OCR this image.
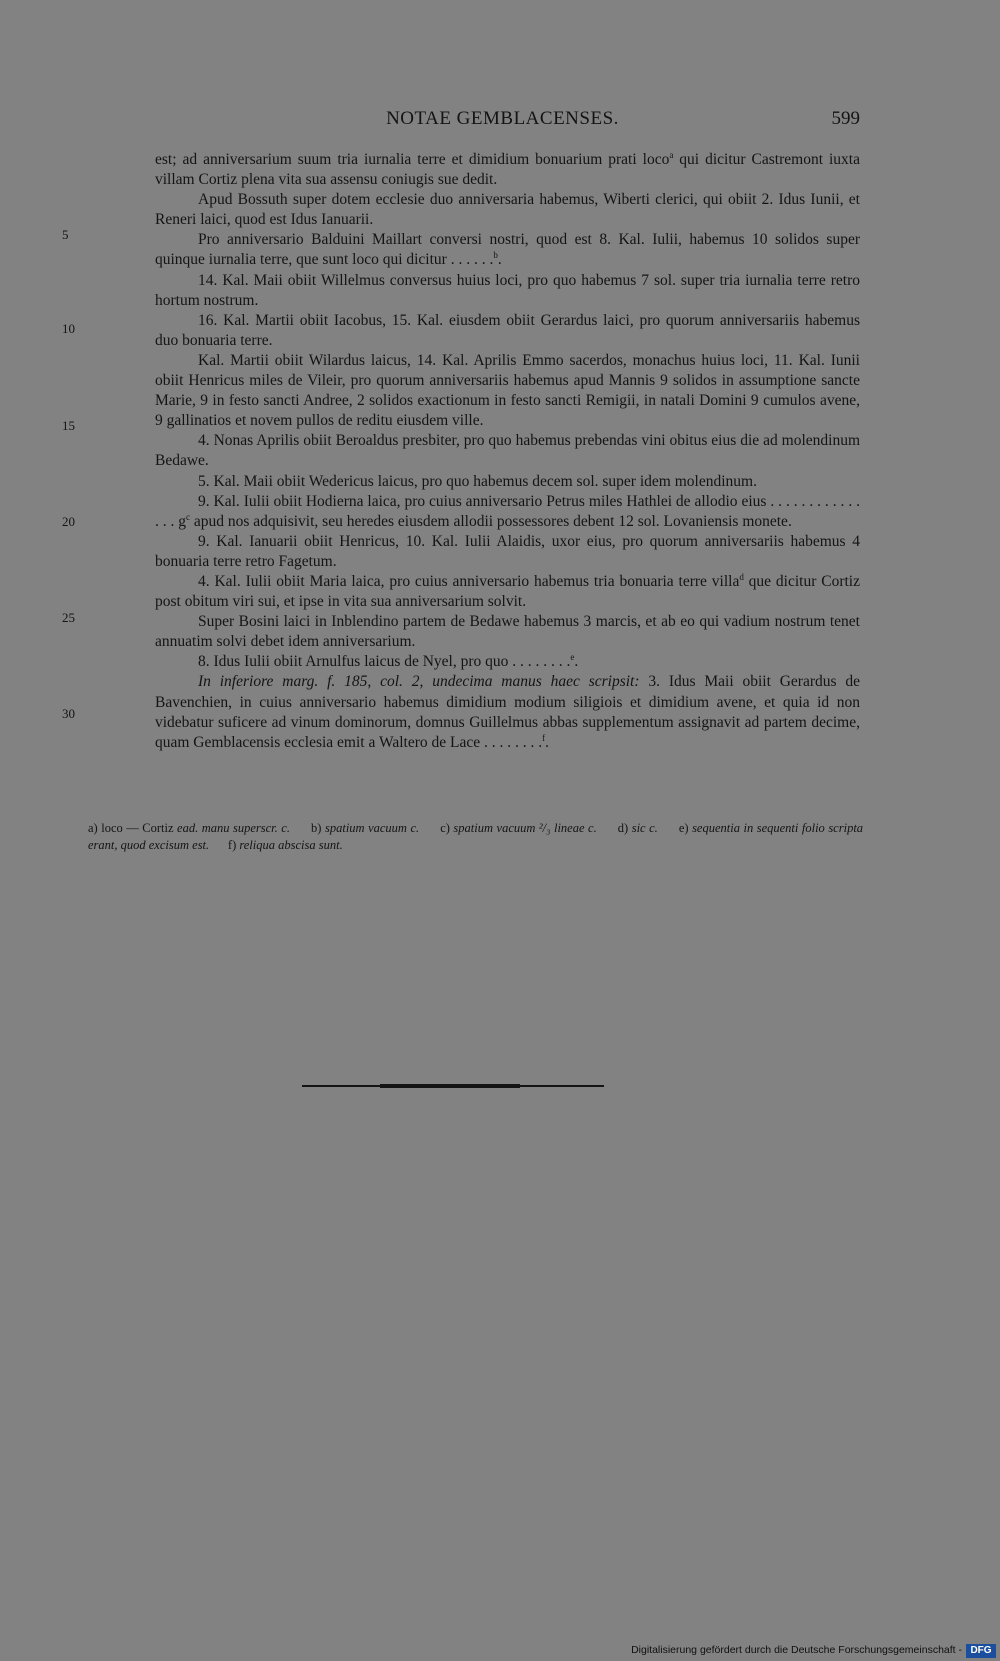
NOTAE GEMBLACENSES.	599
5
10
15
20
25
30

est; ad anniversarium suum tria iurnalia terre et dimidium bonuarium prati loco$^a$ qui dicitur Castremont iuxta villam Cortiz plena vita sua assensu coniugis sue dedit.

Apud Bossuth super dotem ecclesie duo anniversaria habemus, Wiberti clerici, qui obiit 2. Idus Iunii, et Reneri laici, quod est Idus Ianuarii.

Pro anniversario Balduini Maillart conversi nostri, quod est 8. Kal. Iulii, habemus 10 solidos super quinque iurnalia terre, que sunt loco qui dicitur . . . . . .$^b$.

14. Kal. Maii obiit Willelmus conversus huius loci, pro quo habemus 7 sol. super tria iurnalia terre retro hortum nostrum.

16. Kal. Martii obiit Iacobus, 15. Kal. eiusdem obiit Gerardus laici, pro quorum anniversariis habemus duo bonuaria terre.

Kal. Martii obiit Wilardus laicus, 14. Kal. Aprilis Emmo sacerdos, monachus huius loci, 11. Kal. Iunii obiit Henricus miles de Vileir, pro quorum anniversariis habemus apud Mannis 9 solidos in assumptione sancte Marie, 9 in festo sancti Andree, 2 solidos exactionum in festo sancti Remigii, in natali Domini 9 cumulos avene, 9 gallinatios et novem pullos de reditu eiusdem ville.

4. Nonas Aprilis obiit Beroaldus presbiter, pro quo habemus prebendas vini obitus eius die ad molendinum Bedawe.

5. Kal. Maii obiit Wedericus laicus, pro quo habemus decem sol. super idem molendinum.

9. Kal. Iulii obiit Hodierna laica, pro cuius anniversario Petrus miles Hathlei de allodio eius . . . . . . . . . . . . . . . $g^c$ apud nos adquisivit, seu heredes eiusdem allodii possessores debent 12 sol. Lovaniensis monete.

9. Kal. Ianuarii obiit Henricus, 10. Kal. Iulii Alaidis, uxor eius, pro quorum anniversariis habemus 4 bonuaria terre retro Fagetum.

4. Kal. Iulii obiit Maria laica, pro cuius anniversario habemus tria bonuaria terre villa$^d$ que dicitur Cortiz post obitum viri sui, et ipse in vita sua anniversarium solvit.

Super Bosini laici in Inblendino partem de Bedawe habemus 3 marcis, et ab eo qui vadium nostrum tenet annuatim solvi debet idem anniversarium.

8. Idus Iulii obiit Arnulfus laicus de Nyel, pro quo . . . . . . . .$^e$.

In inferiore marg. f. 185, col. 2, undecima manus haec scripsit: 3. Idus Maii obiit Gerardus de Bavenchien, in cuius anniversario habemus dimidium modium siligiois et dimidium avene, et quia id non videbatur suficere ad vinum dominorum, domnus Guillelmus abbas supplementum assignavit ad partem decime, quam Gemblacensis ecclesia emit a Waltero de Lace . . . . . . . .$^f$.

a) loco — Cortiz ead. manu superscr. c. b) spatium vacuum c. c) spatium vacuum ²/₃ lineae c. d) sic c. e) sequentia in sequenti folio scripta erant, quod excisum est. f) reliqua abscisa sunt.
Digitalisierung gefördert durch die Deutsche Forschungsgemeinschaft - DFG
